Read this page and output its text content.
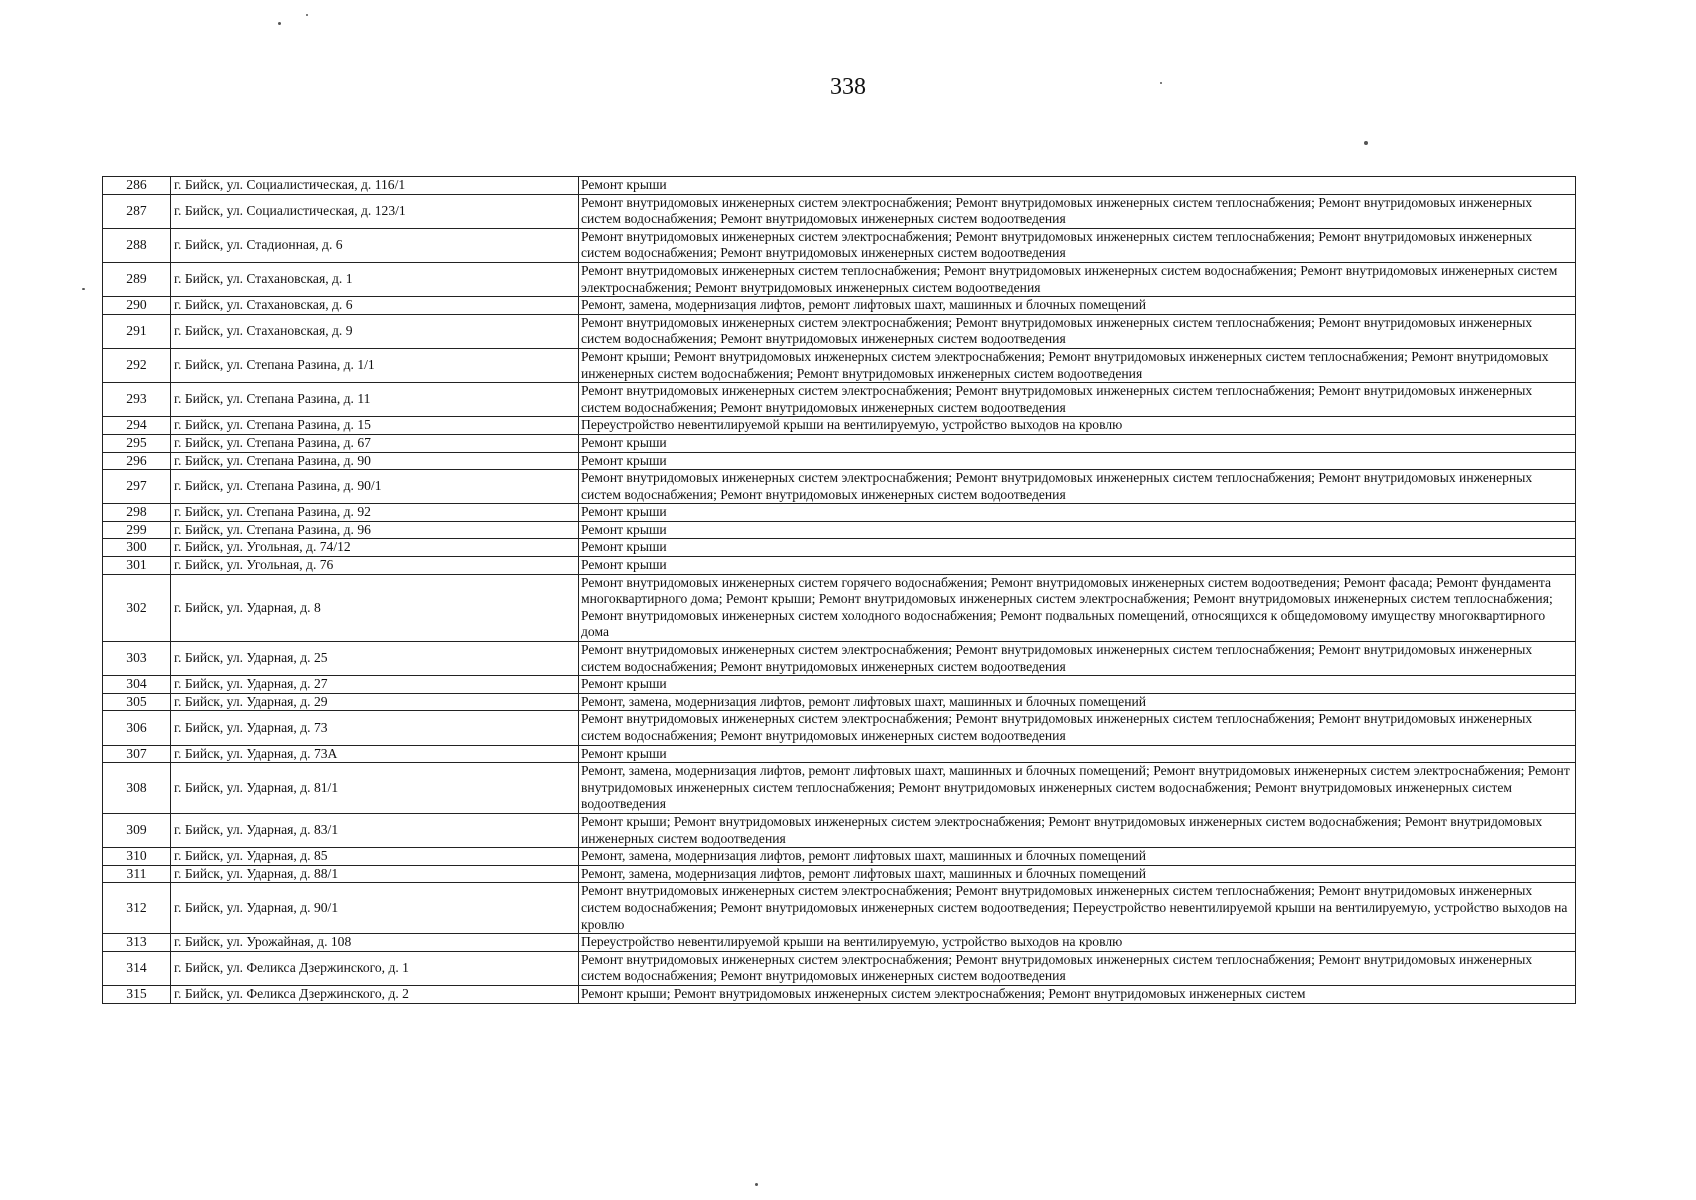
338
286	г. Бийск, ул. Социалистическая, д. 116/1	Ремонт крыши
287	г. Бийск, ул. Социалистическая, д. 123/1	Ремонт внутридомовых инженерных систем электроснабжения; Ремонт внутридомовых инженерных систем теплоснабжения; Ремонт внутридомовых инженерных систем водоснабжения; Ремонт внутридомовых инженерных систем водоотведения
288	г. Бийск, ул. Стадионная, д. 6	Ремонт внутридомовых инженерных систем электроснабжения; Ремонт внутридомовых инженерных систем теплоснабжения; Ремонт внутридомовых инженерных систем водоснабжения; Ремонт внутридомовых инженерных систем водоотведения
289	г. Бийск, ул. Стахановская, д. 1	Ремонт внутридомовых инженерных систем теплоснабжения; Ремонт внутридомовых инженерных систем водоснабжения; Ремонт внутридомовых инженерных систем электроснабжения; Ремонт внутридомовых инженерных систем водоотведения
290	г. Бийск, ул. Стахановская, д. 6	Ремонт, замена, модернизация лифтов, ремонт лифтовых шахт, машинных и блочных помещений
291	г. Бийск, ул. Стахановская, д. 9	Ремонт внутридомовых инженерных систем электроснабжения; Ремонт внутридомовых инженерных систем теплоснабжения; Ремонт внутридомовых инженерных систем водоснабжения; Ремонт внутридомовых инженерных систем водоотведения
292	г. Бийск, ул. Степана Разина, д. 1/1	Ремонт крыши; Ремонт внутридомовых инженерных систем электроснабжения; Ремонт внутридомовых инженерных систем теплоснабжения; Ремонт внутридомовых инженерных систем водоснабжения; Ремонт внутридомовых инженерных систем водоотведения
293	г. Бийск, ул. Степана Разина, д. 11	Ремонт внутридомовых инженерных систем электроснабжения; Ремонт внутридомовых инженерных систем теплоснабжения; Ремонт внутридомовых инженерных систем водоснабжения; Ремонт внутридомовых инженерных систем водоотведения
294	г. Бийск, ул. Степана Разина, д. 15	Переустройство невентилируемой крыши на вентилируемую, устройство выходов на кровлю
295	г. Бийск, ул. Степана Разина, д. 67	Ремонт крыши
296	г. Бийск, ул. Степана Разина, д. 90	Ремонт крыши
297	г. Бийск, ул. Степана Разина, д. 90/1	Ремонт внутридомовых инженерных систем электроснабжения; Ремонт внутридомовых инженерных систем теплоснабжения; Ремонт внутридомовых инженерных систем водоснабжения; Ремонт внутридомовых инженерных систем водоотведения
298	г. Бийск, ул. Степана Разина, д. 92	Ремонт крыши
299	г. Бийск, ул. Степана Разина, д. 96	Ремонт крыши
300	г. Бийск, ул. Угольная, д. 74/12	Ремонт крыши
301	г. Бийск, ул. Угольная, д. 76	Ремонт крыши
302	г. Бийск, ул. Ударная, д. 8	Ремонт внутридомовых инженерных систем горячего водоснабжения; Ремонт внутридомовых инженерных систем водоотведения; Ремонт фасада; Ремонт фундамента многоквартирного дома; Ремонт крыши; Ремонт внутридомовых инженерных систем электроснабжения; Ремонт внутридомовых инженерных систем теплоснабжения; Ремонт внутридомовых инженерных систем холодного водоснабжения; Ремонт подвальных помещений, относящихся к общедомовому имуществу многоквартирного дома
303	г. Бийск, ул. Ударная, д. 25	Ремонт внутридомовых инженерных систем электроснабжения; Ремонт внутридомовых инженерных систем теплоснабжения; Ремонт внутридомовых инженерных систем водоснабжения; Ремонт внутридомовых инженерных систем водоотведения
304	г. Бийск, ул. Ударная, д. 27	Ремонт крыши
305	г. Бийск, ул. Ударная, д. 29	Ремонт, замена, модернизация лифтов, ремонт лифтовых шахт, машинных и блочных помещений
306	г. Бийск, ул. Ударная, д. 73	Ремонт внутридомовых инженерных систем электроснабжения; Ремонт внутридомовых инженерных систем теплоснабжения; Ремонт внутридомовых инженерных систем водоснабжения; Ремонт внутридомовых инженерных систем водоотведения
307	г. Бийск, ул. Ударная, д. 73А	Ремонт крыши
308	г. Бийск, ул. Ударная, д. 81/1	Ремонт, замена, модернизация лифтов, ремонт лифтовых шахт, машинных и блочных помещений; Ремонт внутридомовых инженерных систем электроснабжения; Ремонт внутридомовых инженерных систем теплоснабжения; Ремонт внутридомовых инженерных систем водоснабжения; Ремонт внутридомовых инженерных систем водоотведения
309	г. Бийск, ул. Ударная, д. 83/1	Ремонт крыши; Ремонт внутридомовых инженерных систем электроснабжения; Ремонт внутридомовых инженерных систем водоснабжения; Ремонт внутридомовых инженерных систем водоотведения
310	г. Бийск, ул. Ударная, д. 85	Ремонт, замена, модернизация лифтов, ремонт лифтовых шахт, машинных и блочных помещений
311	г. Бийск, ул. Ударная, д. 88/1	Ремонт, замена, модернизация лифтов, ремонт лифтовых шахт, машинных и блочных помещений
312	г. Бийск, ул. Ударная, д. 90/1	Ремонт внутридомовых инженерных систем электроснабжения; Ремонт внутридомовых инженерных систем теплоснабжения; Ремонт внутридомовых инженерных систем водоснабжения; Ремонт внутридомовых инженерных систем водоотведения; Переустройство невентилируемой крыши на вентилируемую, устройство выходов на кровлю
313	г. Бийск, ул. Урожайная, д. 108	Переустройство невентилируемой крыши на вентилируемую, устройство выходов на кровлю
314	г. Бийск, ул. Феликса Дзержинского, д. 1	Ремонт внутридомовых инженерных систем электроснабжения; Ремонт внутридомовых инженерных систем теплоснабжения; Ремонт внутридомовых инженерных систем водоснабжения; Ремонт внутридомовых инженерных систем водоотведения
315	г. Бийск, ул. Феликса Дзержинского, д. 2	Ремонт крыши; Ремонт внутридомовых инженерных систем электроснабжения; Ремонт внутридомовых инженерных систем
